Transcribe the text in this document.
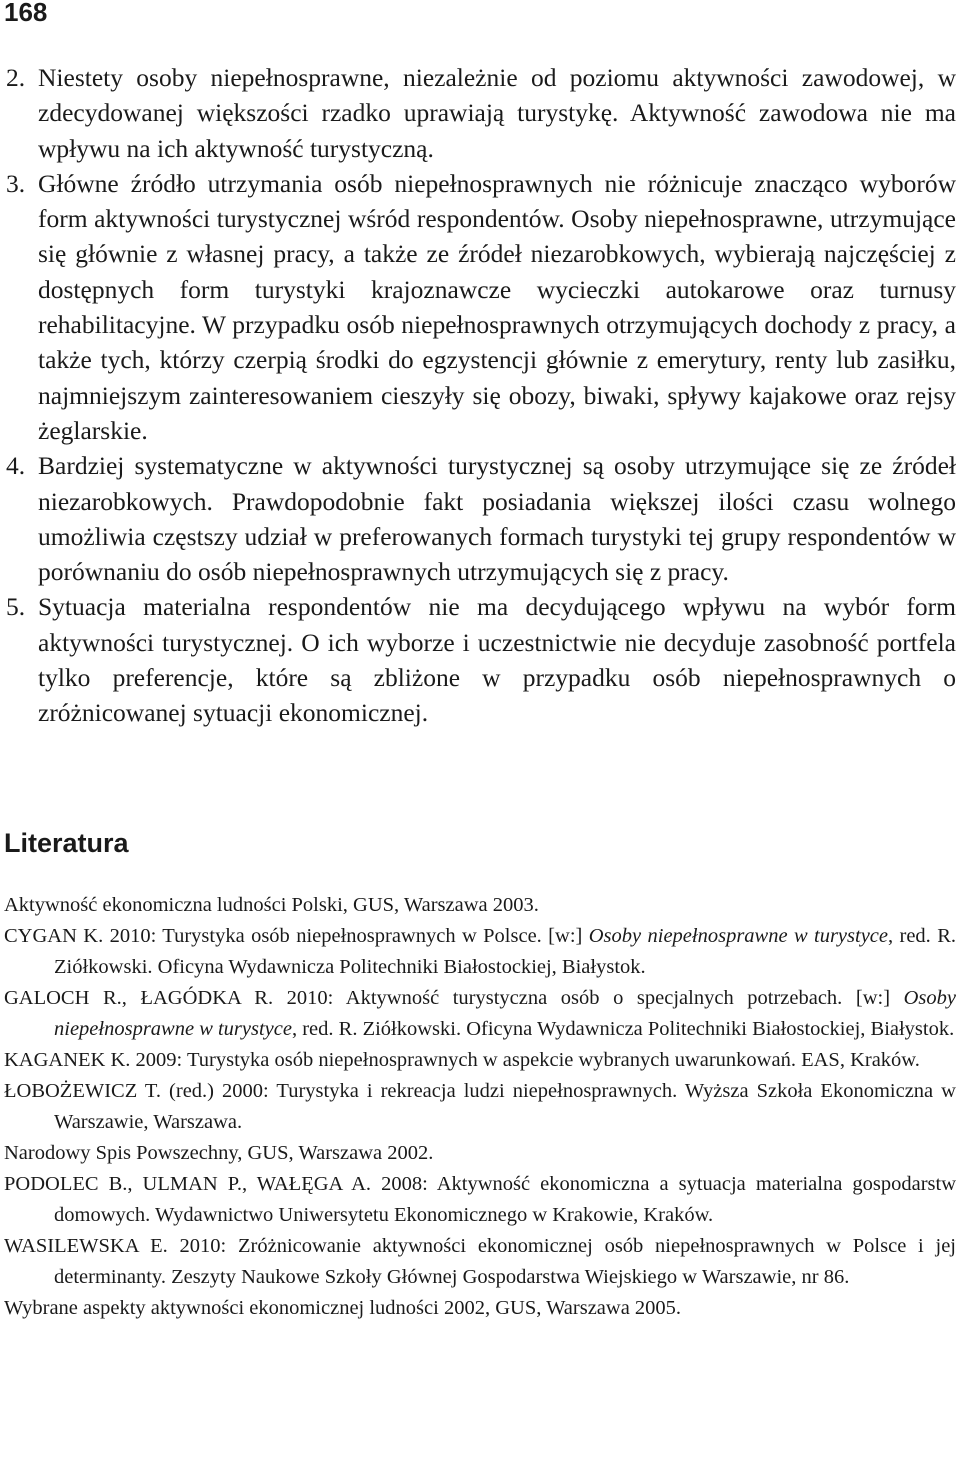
168
2. Niestety osoby niepełnosprawne, niezależnie od poziomu aktywności zawodowej, w zdecydowanej większości rzadko uprawiają turystykę. Aktywność zawodowa nie ma wpływu na ich aktywność turystyczną.
3. Główne źródło utrzymania osób niepełnosprawnych nie różnicuje znacząco wyborów form aktywności turystycznej wśród respondentów. Osoby niepełnosprawne, utrzymujące się głównie z własnej pracy, a także ze źródeł niezarobkowych, wybierają najczęściej z dostępnych form turystyki krajoznawcze wycieczki autokarowe oraz turnusy rehabilitacyjne. W przypadku osób niepełnosprawnych otrzymujących dochody z pracy, a także tych, którzy czerpią środki do egzystencji głównie z emerytury, renty lub zasiłku, najmniejszym zainteresowaniem cieszyły się obozy, biwaki, spływy kajakowe oraz rejsy żeglarskie.
4. Bardziej systematyczne w aktywności turystycznej są osoby utrzymujące się ze źródeł niezarobkowych. Prawdopodobnie fakt posiadania większej ilości czasu wolnego umożliwia częstszy udział w preferowanych formach turystyki tej grupy respondentów w porównaniu do osób niepełnosprawnych utrzymujących się z pracy.
5. Sytuacja materialna respondentów nie ma decydującego wpływu na wybór form aktywności turystycznej. O ich wyborze i uczestnictwie nie decyduje zasobność portfela tylko preferencje, które są zbliżone w przypadku osób niepełnosprawnych o zróżnicowanej sytuacji ekonomicznej.
Literatura
Aktywność ekonomiczna ludności Polski, GUS, Warszawa 2003.
CYGAN K. 2010: Turystyka osób niepełnosprawnych w Polsce. [w:] Osoby niepełnosprawne w turystyce, red. R. Ziółkowski. Oficyna Wydawnicza Politechniki Białostockiej, Białystok.
GALOCH R., ŁAGÓDKA R. 2010: Aktywność turystyczna osób o specjalnych potrzebach. [w:] Osoby niepełnosprawne w turystyce, red. R. Ziółkowski. Oficyna Wydawnicza Politechniki Białostockiej, Białystok.
KAGANEK K. 2009: Turystyka osób niepełnosprawnych w aspekcie wybranych uwarunkowań. EAS, Kraków.
ŁOBOŻEWICZ T. (red.) 2000: Turystyka i rekreacja ludzi niepełnosprawnych. Wyższa Szkoła Ekonomiczna w Warszawie, Warszawa.
Narodowy Spis Powszechny, GUS, Warszawa 2002.
PODOLEC B., ULMAN P., WAŁĘGA A. 2008: Aktywność ekonomiczna a sytuacja materialna gospodarstw domowych. Wydawnictwo Uniwersytetu Ekonomicznego w Krakowie, Kraków.
WASILEWSKA E. 2010: Zróżnicowanie aktywności ekonomicznej osób niepełnosprawnych w Polsce i jej determinanty. Zeszyty Naukowe Szkoły Głównej Gospodarstwa Wiejskiego w Warszawie, nr 86.
Wybrane aspekty aktywności ekonomicznej ludności 2002, GUS, Warszawa 2005.
